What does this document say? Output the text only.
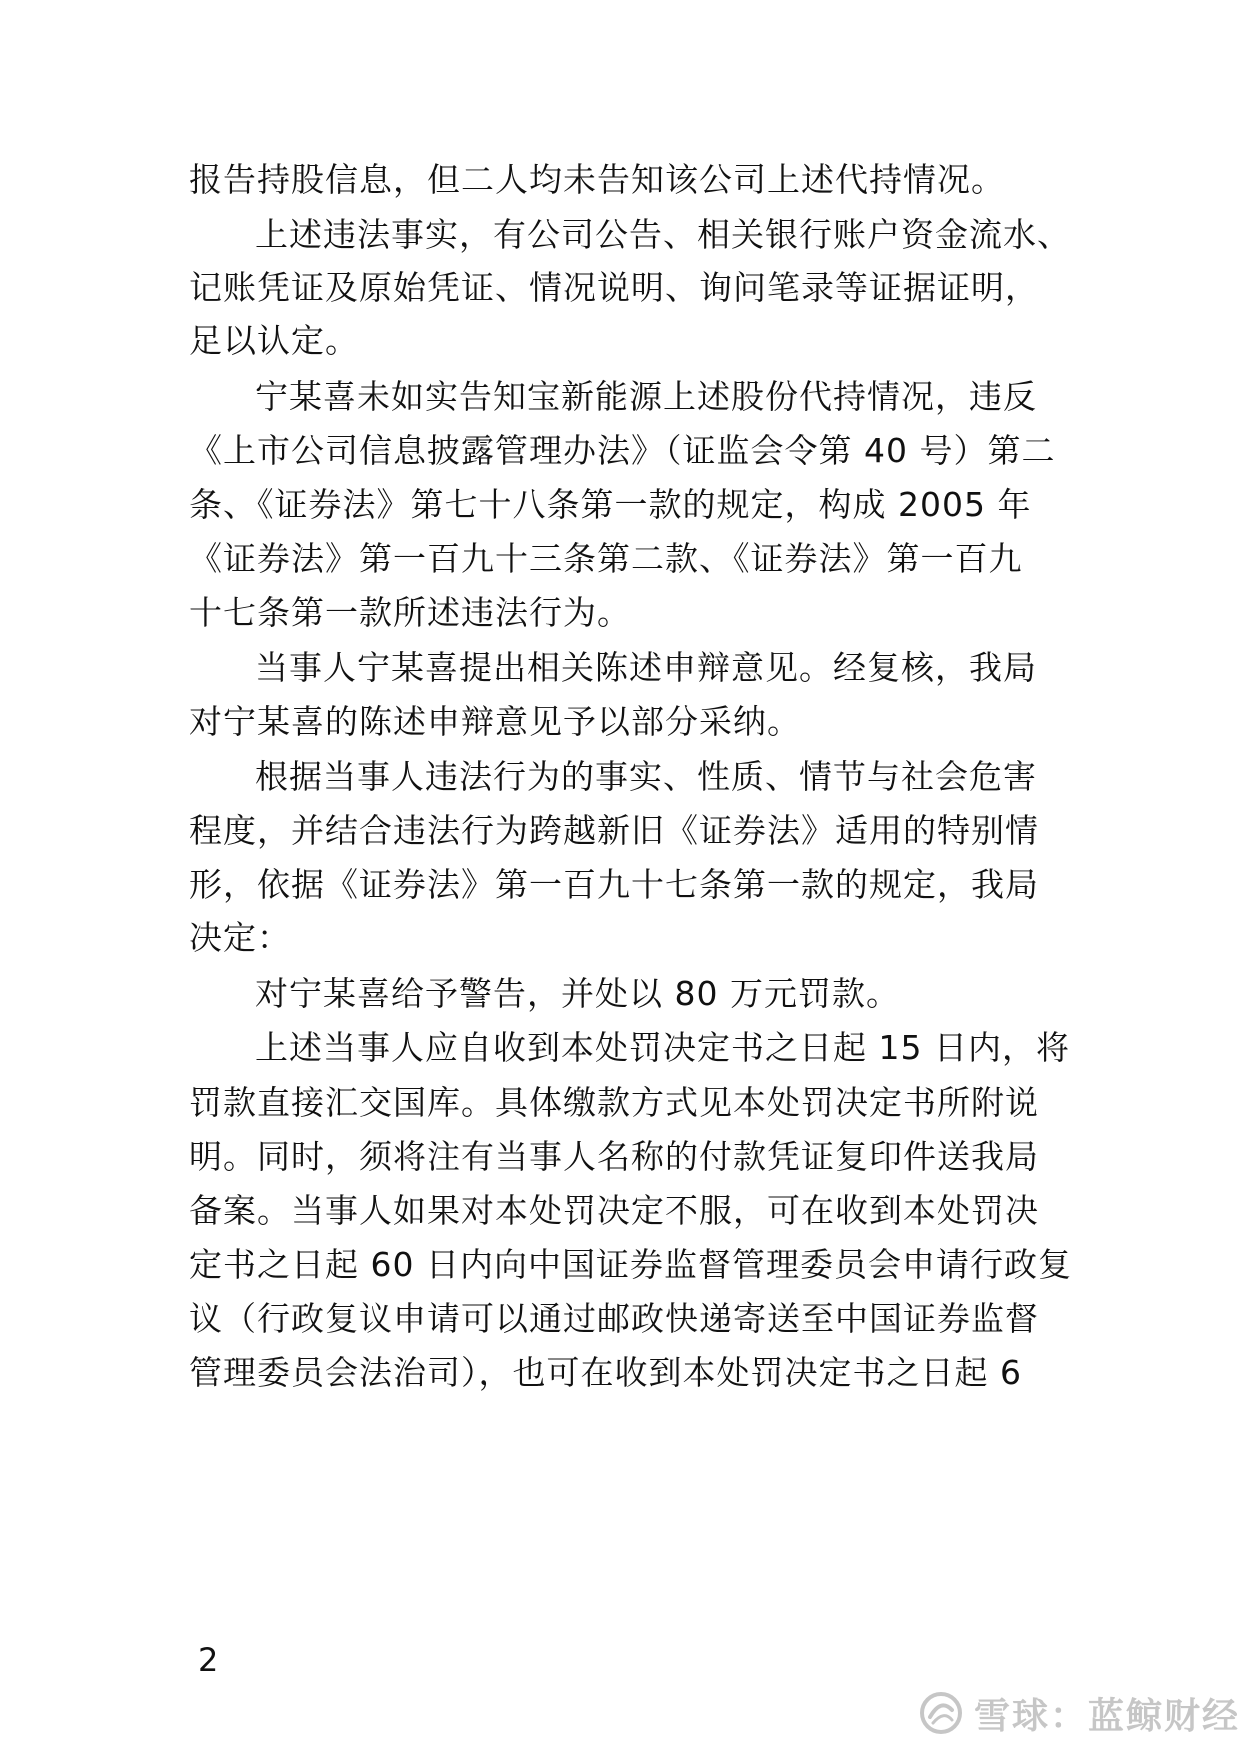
报告持股信息，但二人均未告知该公司上述代持情况。
上述违法事实，有公司公告、相关银行账户资金流水、
记账凭证及原始凭证、情况说明、询问笔录等证据证明，
足以认定。
宁某喜未如实告知宝新能源上述股份代持情况，违反
《上市公司信息披露管理办法》（证监会令第 40 号）第二
条、《证券法》第七十八条第一款的规定，构成 2005 年
《证券法》第一百九十三条第二款、《证券法》第一百九
十七条第一款所述违法行为。
当事人宁某喜提出相关陈述申辩意见。经复核，我局
对宁某喜的陈述申辩意见予以部分采纳。
根据当事人违法行为的事实、性质、情节与社会危害
程度，并结合违法行为跨越新旧《证券法》适用的特别情
形，依据《证券法》第一百九十七条第一款的规定，我局
决定：
对宁某喜给予警告，并处以 80 万元罚款。
上述当事人应自收到本处罚决定书之日起 15 日内，将
罚款直接汇交国库。具体缴款方式见本处罚决定书所附说
明。同时，须将注有当事人名称的付款凭证复印件送我局
备案。当事人如果对本处罚决定不服，可在收到本处罚决
定书之日起 60 日内向中国证券监督管理委员会申请行政复
议（行政复议申请可以通过邮政快递寄送至中国证券监督
管理委员会法治司），也可在收到本处罚决定书之日起 6
2
雪球：蓝鲸财经
